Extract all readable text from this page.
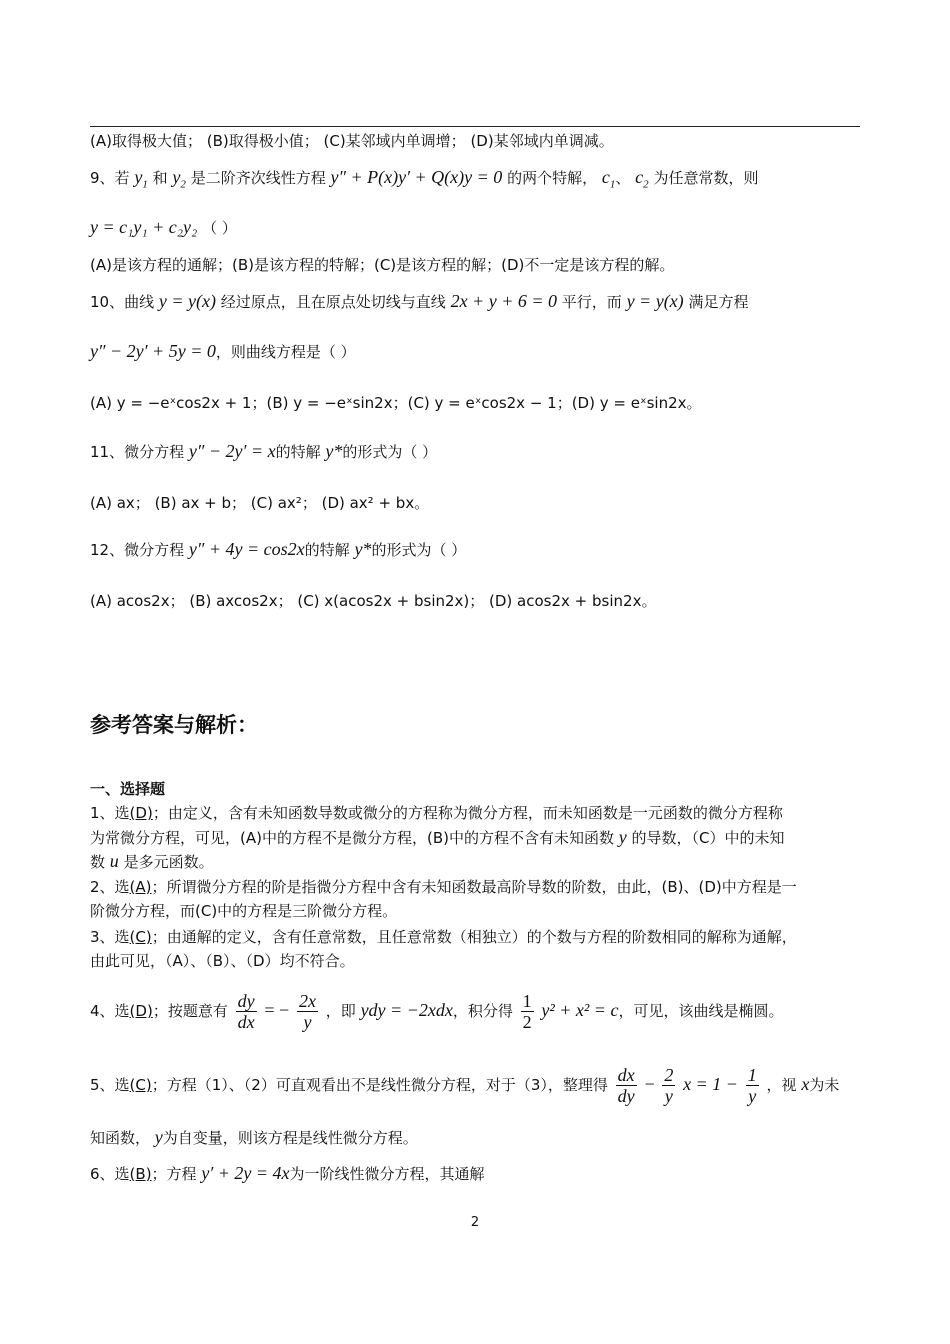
(A)取得极大值； (B)取得极小值； (C)某邻域内单调增； (D)某邻域内单调减。
9、若 $y_1$ 和 $y_2$ 是二阶齐次线性方程 y″ + P(x)y′ + Q(x)y = 0 的两个特解， $c_1$、 $c_2$ 为任意常数，则
y = c₁y₁ + c₂y₂ （ ）
(A)是该方程的通解；(B)是该方程的特解；(C)是该方程的解；(D)不一定是该方程的解。
10、曲线 y = y(x) 经过原点，且在原点处切线与直线 2x + y + 6 = 0 平行，而 y = y(x) 满足方程
y″ − 2y′ + 5y = 0，则曲线方程是（ ）
(A) y = −eˣcos2x + 1；(B) y = −eˣsin2x；(C) y = eˣcos2x − 1；(D) y = eˣsin2x。
11、微分方程 y″ − 2y′ = x的特解 y*的形式为（ ）
(A) ax； (B) ax + b； (C) ax²； (D) ax² + bx。
12、微分方程 y″ + 4y = cos2x的特解 y*的形式为（ ）
(A) acos2x； (B) axcos2x； (C) x(acos2x + bsin2x)； (D) acos2x + bsin2x。
参考答案与解析：
一、选择题
1、选(D)；由定义，含有未知函数导数或微分的方程称为微分方程，而未知函数是一元函数的微分方程称
为常微分方程，可见，(A)中的方程不是微分方程，(B)中的方程不含有未知函数 y 的导数，（C）中的未知
数 u 是多元函数。
2、选(A)；所谓微分方程的阶是指微分方程中含有未知函数最高阶导数的阶数，由此，(B)、(D)中方程是一
阶微分方程，而(C)中的方程是三阶微分方程。
3、选(C)；由通解的定义，含有任意常数，且任意常数（相独立）的个数与方程的阶数相同的解称为通解，
由此可见，（A）、（B）、（D）均不符合。
4、选(D)；按题意有 $\frac{dy}{dx}$ = − $\frac{2x}{y}$ ，即 ydy = −2xdx，积分得 $\frac{1}{2} y^2 + x^2 = c$，可见，该曲线是椭圆。
5、选(C)；方程（1）、（2）可直观看出不是线性微分方程，对于（3），整理得 $\frac{dx}{dy} - \frac{2}{y}$ $x = 1 - \frac{1}{y}$ ，视 x为未
知函数， y为自变量，则该方程是线性微分方程。
6、选(B)；方程 y′ + 2y = 4x为一阶线性微分方程，其通解
2
